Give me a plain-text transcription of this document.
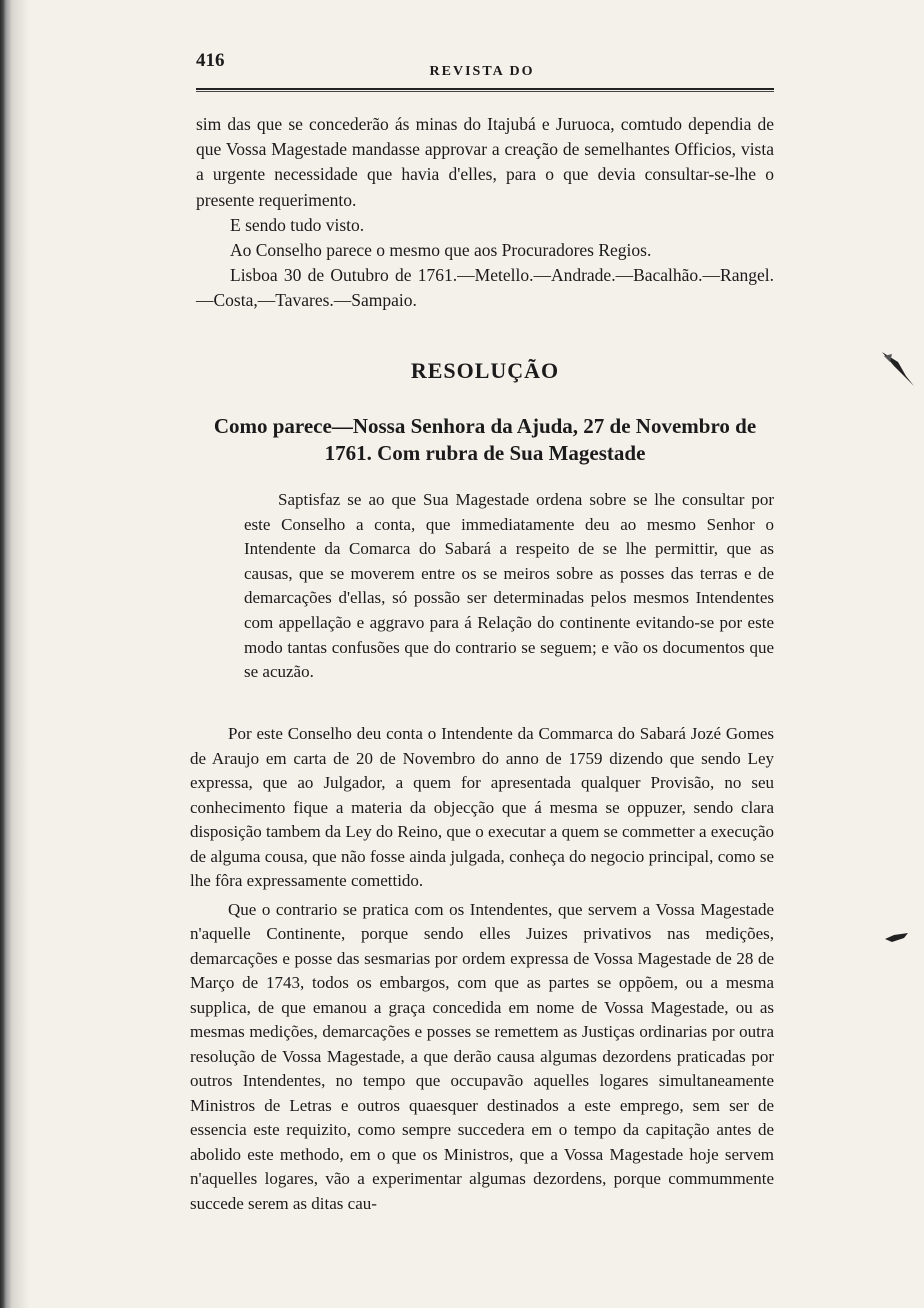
416
REVISTA DO

sim das que se concederão ás minas do Itajubá e Juruoca, comtudo dependia de que Vossa Magestade mandasse approvar a creação de semelhantes Officios, vista a urgente necessidade que havia d'elles, para o que devia consultar-se-lhe o presente requerimento.

E sendo tudo visto.

Ao Conselho parece o mesmo que aos Procuradores Regios.

Lisboa 30 de Outubro de 1761.—Metello.—Andrade.—Bacalhão.—Rangel.—Costa,—Tavares.—Sampaio.

RESOLUÇÃO
Como parece—Nossa Senhora da Ajuda, 27 de Novembro de 1761. Com rubra de Sua Magestade

Saptisfaz se ao que Sua Magestade ordena sobre se lhe consultar por este Conselho a conta, que immediatamente deu ao mesmo Senhor o Intendente da Comarca do Sabará a respeito de se lhe permittir, que as causas, que se moverem entre os se meiros sobre as posses das terras e de demarcações d'ellas, só possão ser determinadas pelos mesmos Intendentes com appellação e aggravo para á Relação do continente evitando-se por este modo tantas confusões que do contrario se seguem; e vão os documentos que se acuzão.

Por este Conselho deu conta o Intendente da Commarca do Sabará Jozé Gomes de Araujo em carta de 20 de Novembro do anno de 1759 dizendo que sendo Ley expressa, que ao Julgador, a quem for apresentada qualquer Provisão, no seu conhecimento fique a materia da objecção que á mesma se oppuzer, sendo clara disposição tambem da Ley do Reino, que o executar a quem se commetter a execução de alguma cousa, que não fosse ainda julgada, conheça do negocio principal, como se lhe fôra expressamente comettido.

Que o contrario se pratica com os Intendentes, que servem a Vossa Magestade n'aquelle Continente, porque sendo elles Juizes privativos nas medições, demarcações e posse das sesmarias por ordem expressa de Vossa Magestade de 28 de Março de 1743, todos os embargos, com que as partes se oppõem, ou a mesma supplica, de que emanou a graça concedida em nome de Vossa Magestade, ou as mesmas medições, demarcações e posses se remettem as Justiças ordinarias por outra resolução de Vossa Magestade, a que derão causa algumas dezordens praticadas por outros Intendentes, no tempo que occupavão aquelles logares simultaneamente Ministros de Letras e outros quaesquer destinados a este emprego, sem ser de essencia este requizito, como sempre succedera em o tempo da capitação antes de abolido este methodo, em o que os Ministros, que a Vossa Magestade hoje servem n'aquelles logares, vão a experimentar algumas dezordens, porque commummente succede serem as ditas cau-
